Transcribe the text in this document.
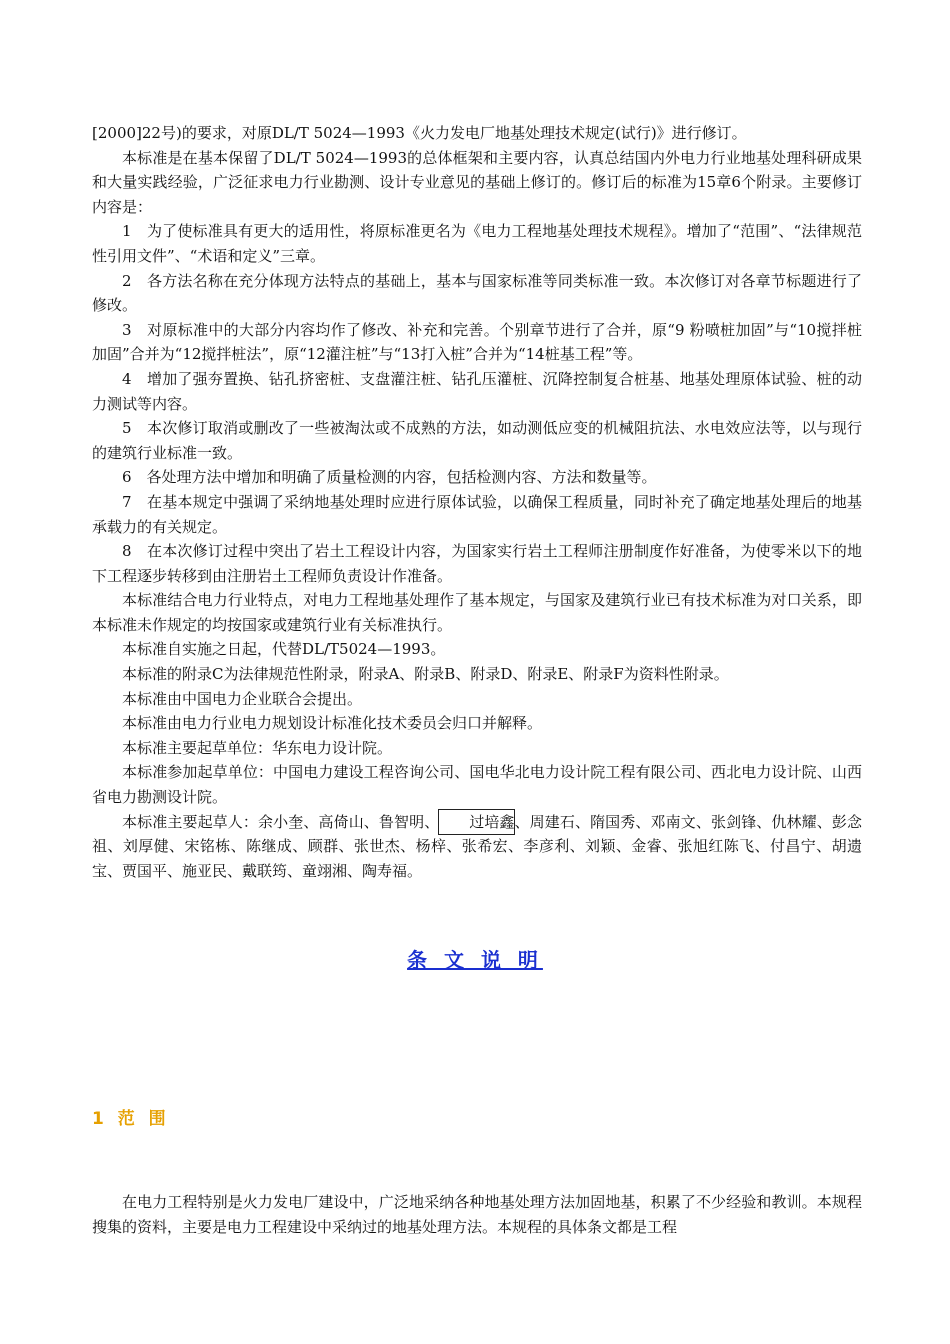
[2000]22号)的要求，对原DL/T 5024—1993《火力发电厂地基处理技术规定(试行)》进行修订。

本标准是在基本保留了DL/T 5024—1993的总体框架和主要内容，认真总结国内外电力行业地基处理科研成果和大量实践经验，广泛征求电力行业勘测、设计专业意见的基础上修订的。修订后的标准为15章6个附录。主要修订内容是：

1　为了使标准具有更大的适用性，将原标准更名为《电力工程地基处理技术规程》。增加了“范围”、“法律规范性引用文件”、“术语和定义”三章。

2　各方法名称在充分体现方法特点的基础上，基本与国家标准等同类标准一致。本次修订对各章节标题进行了修改。

3　对原标准中的大部分内容均作了修改、补充和完善。个别章节进行了合并，原“9 粉喷桩加固”与“10搅拌桩加固”合并为“12搅拌桩法”，原“12灌注桩”与“13打入桩”合并为“14桩基工程”等。

4　增加了强夯置换、钻孔挤密桩、支盘灌注桩、钻孔压灌桩、沉降控制复合桩基、地基处理原体试验、桩的动力测试等内容。

5　本次修订取消或删改了一些被淘汰或不成熟的方法，如动测低应变的机械阻抗法、水电效应法等，以与现行的建筑行业标准一致。

6　各处理方法中增加和明确了质量检测的内容，包括检测内容、方法和数量等。

7　在基本规定中强调了采纳地基处理时应进行原体试验，以确保工程质量，同时补充了确定地基处理后的地基承载力的有关规定。

8　在本次修订过程中突出了岩土工程设计内容，为国家实行岩土工程师注册制度作好准备，为使零米以下的地下工程逐步转移到由注册岩土工程师负责设计作准备。

本标准结合电力行业特点，对电力工程地基处理作了基本规定，与国家及建筑行业已有技术标准为对口关系，即本标准未作规定的均按国家或建筑行业有关标准执行。

本标准自实施之日起，代替DL/T5024—1993。

本标准的附录C为法律规范性附录，附录A、附录B、附录D、附录E、附录F为资料性附录。

本标准由中国电力企业联合会提出。

本标准由电力行业电力规划设计标准化技术委员会归口并解释。

本标准主要起草单位：华东电力设计院。

本标准参加起草单位：中国电力建设工程咨询公司、国电华北电力设计院工程有限公司、西北电力设计院、山西省电力勘测设计院。

本标准主要起草人：余小奎、高倚山、鲁智明、 过培鑫、周建石、隋国秀、邓南文、张剑锋、仇林耀、彭念祖、刘厚健、宋铭栋、陈继成、顾群、张世杰、杨梓、张希宏、李彦利、刘颖、金睿、张旭红陈飞、付昌宁、胡遗宝、贾国平、施亚民、戴联筠、童翊湘、陶寿福。

条 文 说 明
1 范 围

在电力工程特别是火力发电厂建设中，广泛地采纳各种地基处理方法加固地基，积累了不少经验和教训。本规程搜集的资料，主要是电力工程建设中采纳过的地基处理方法。本规程的具体条文都是工程
